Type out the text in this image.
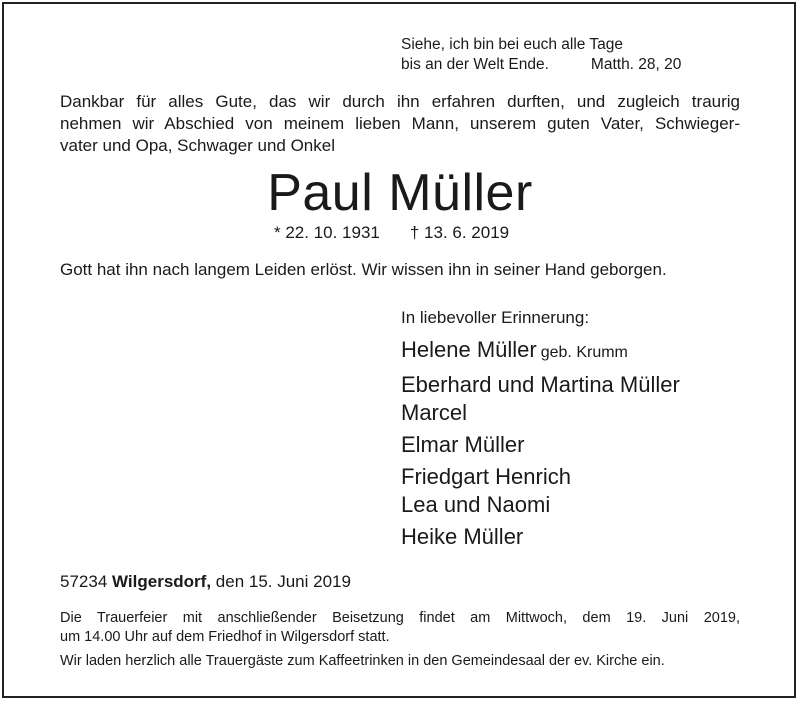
Siehe, ich bin bei euch alle Tage
bis an der Welt Ende.	Matth. 28, 20
Dankbar für alles Gute, das wir durch ihn erfahren durften, und zugleich traurig
nehmen wir Abschied von meinem lieben Mann, unserem guten Vater, Schwieger-
vater und Opa, Schwager und Onkel
Paul Müller
* 22. 10. 1931 † 13. 6. 2019
Gott hat ihn nach langem Leiden erlöst. Wir wissen ihn in seiner Hand geborgen.
In liebevoller Erinnerung:
Helene Müller geb. Krumm
Eberhard und Martina Müller
Marcel
Elmar Müller
Friedgart Henrich
Lea und Naomi
Heike Müller
57234 Wilgersdorf, den 15. Juni 2019
Die Trauerfeier mit anschließender Beisetzung findet am Mittwoch, dem 19. Juni 2019,
um 14.00 Uhr auf dem Friedhof in Wilgersdorf statt.
Wir laden herzlich alle Trauergäste zum Kaffeetrinken in den Gemeindesaal der ev. Kirche ein.
